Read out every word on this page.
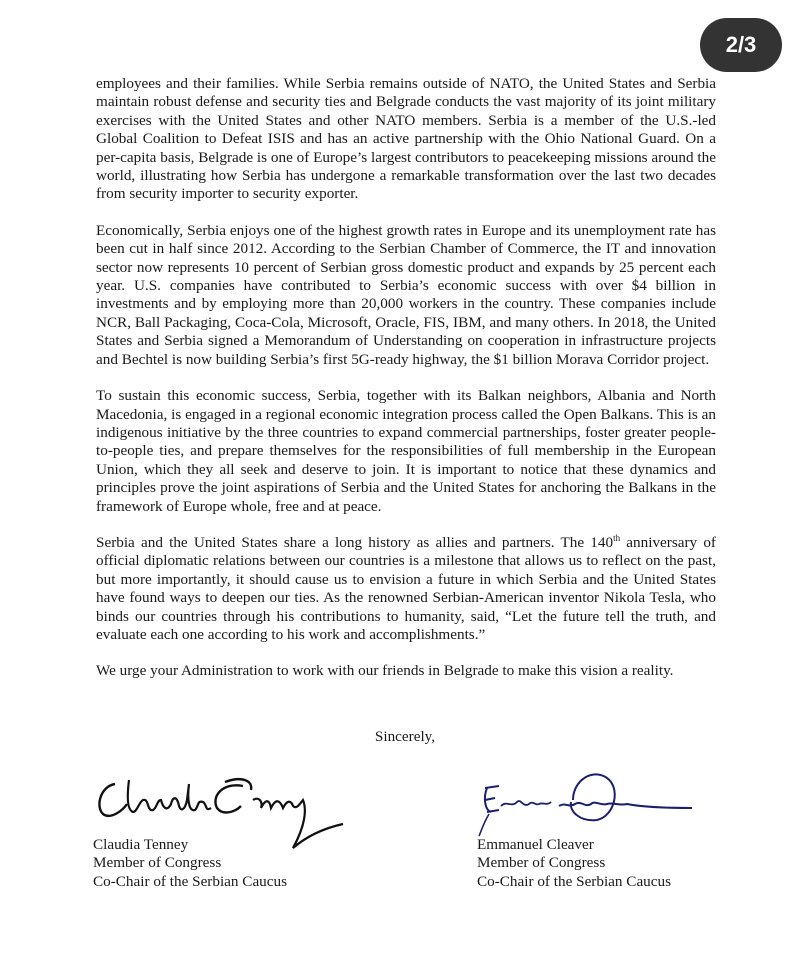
2/3

employees and their families. While Serbia remains outside of NATO, the United States and Serbia maintain robust defense and security ties and Belgrade conducts the vast majority of its joint military exercises with the United States and other NATO members. Serbia is a member of the U.S.-led Global Coalition to Defeat ISIS and has an active partnership with the Ohio National Guard. On a per-capita basis, Belgrade is one of Europe’s largest contributors to peacekeeping missions around the world, illustrating how Serbia has undergone a remarkable transformation over the last two decades from security importer to security exporter.

Economically, Serbia enjoys one of the highest growth rates in Europe and its unemployment rate has been cut in half since 2012. According to the Serbian Chamber of Commerce, the IT and innovation sector now represents 10 percent of Serbian gross domestic product and expands by 25 percent each year. U.S. companies have contributed to Serbia’s economic success with over $4 billion in investments and by employing more than 20,000 workers in the country. These companies include NCR, Ball Packaging, Coca-Cola, Microsoft, Oracle, FIS, IBM, and many others. In 2018, the United States and Serbia signed a Memorandum of Understanding on cooperation in infrastructure projects and Bechtel is now building Serbia’s first 5G-ready highway, the $1 billion Morava Corridor project.

To sustain this economic success, Serbia, together with its Balkan neighbors, Albania and North Macedonia, is engaged in a regional economic integration process called the Open Balkans. This is an indigenous initiative by the three countries to expand commercial partnerships, foster greater people-to-people ties, and prepare themselves for the responsibilities of full membership in the European Union, which they all seek and deserve to join. It is important to notice that these dynamics and principles prove the joint aspirations of Serbia and the United States for anchoring the Balkans in the framework of Europe whole, free and at peace.

Serbia and the United States share a long history as allies and partners. The 140th anniversary of official diplomatic relations between our countries is a milestone that allows us to reflect on the past, but more importantly, it should cause us to envision a future in which Serbia and the United States have found ways to deepen our ties. As the renowned Serbian-American inventor Nikola Tesla, who binds our countries through his contributions to humanity, said, “Let the future tell the truth, and evaluate each one according to his work and accomplishments.”

We urge your Administration to work with our friends in Belgrade to make this vision a reality.

Sincerely,
Claudia Tenney
Member of Congress
Co-Chair of the Serbian Caucus
Emmanuel Cleaver
Member of Congress
Co-Chair of the Serbian Caucus
